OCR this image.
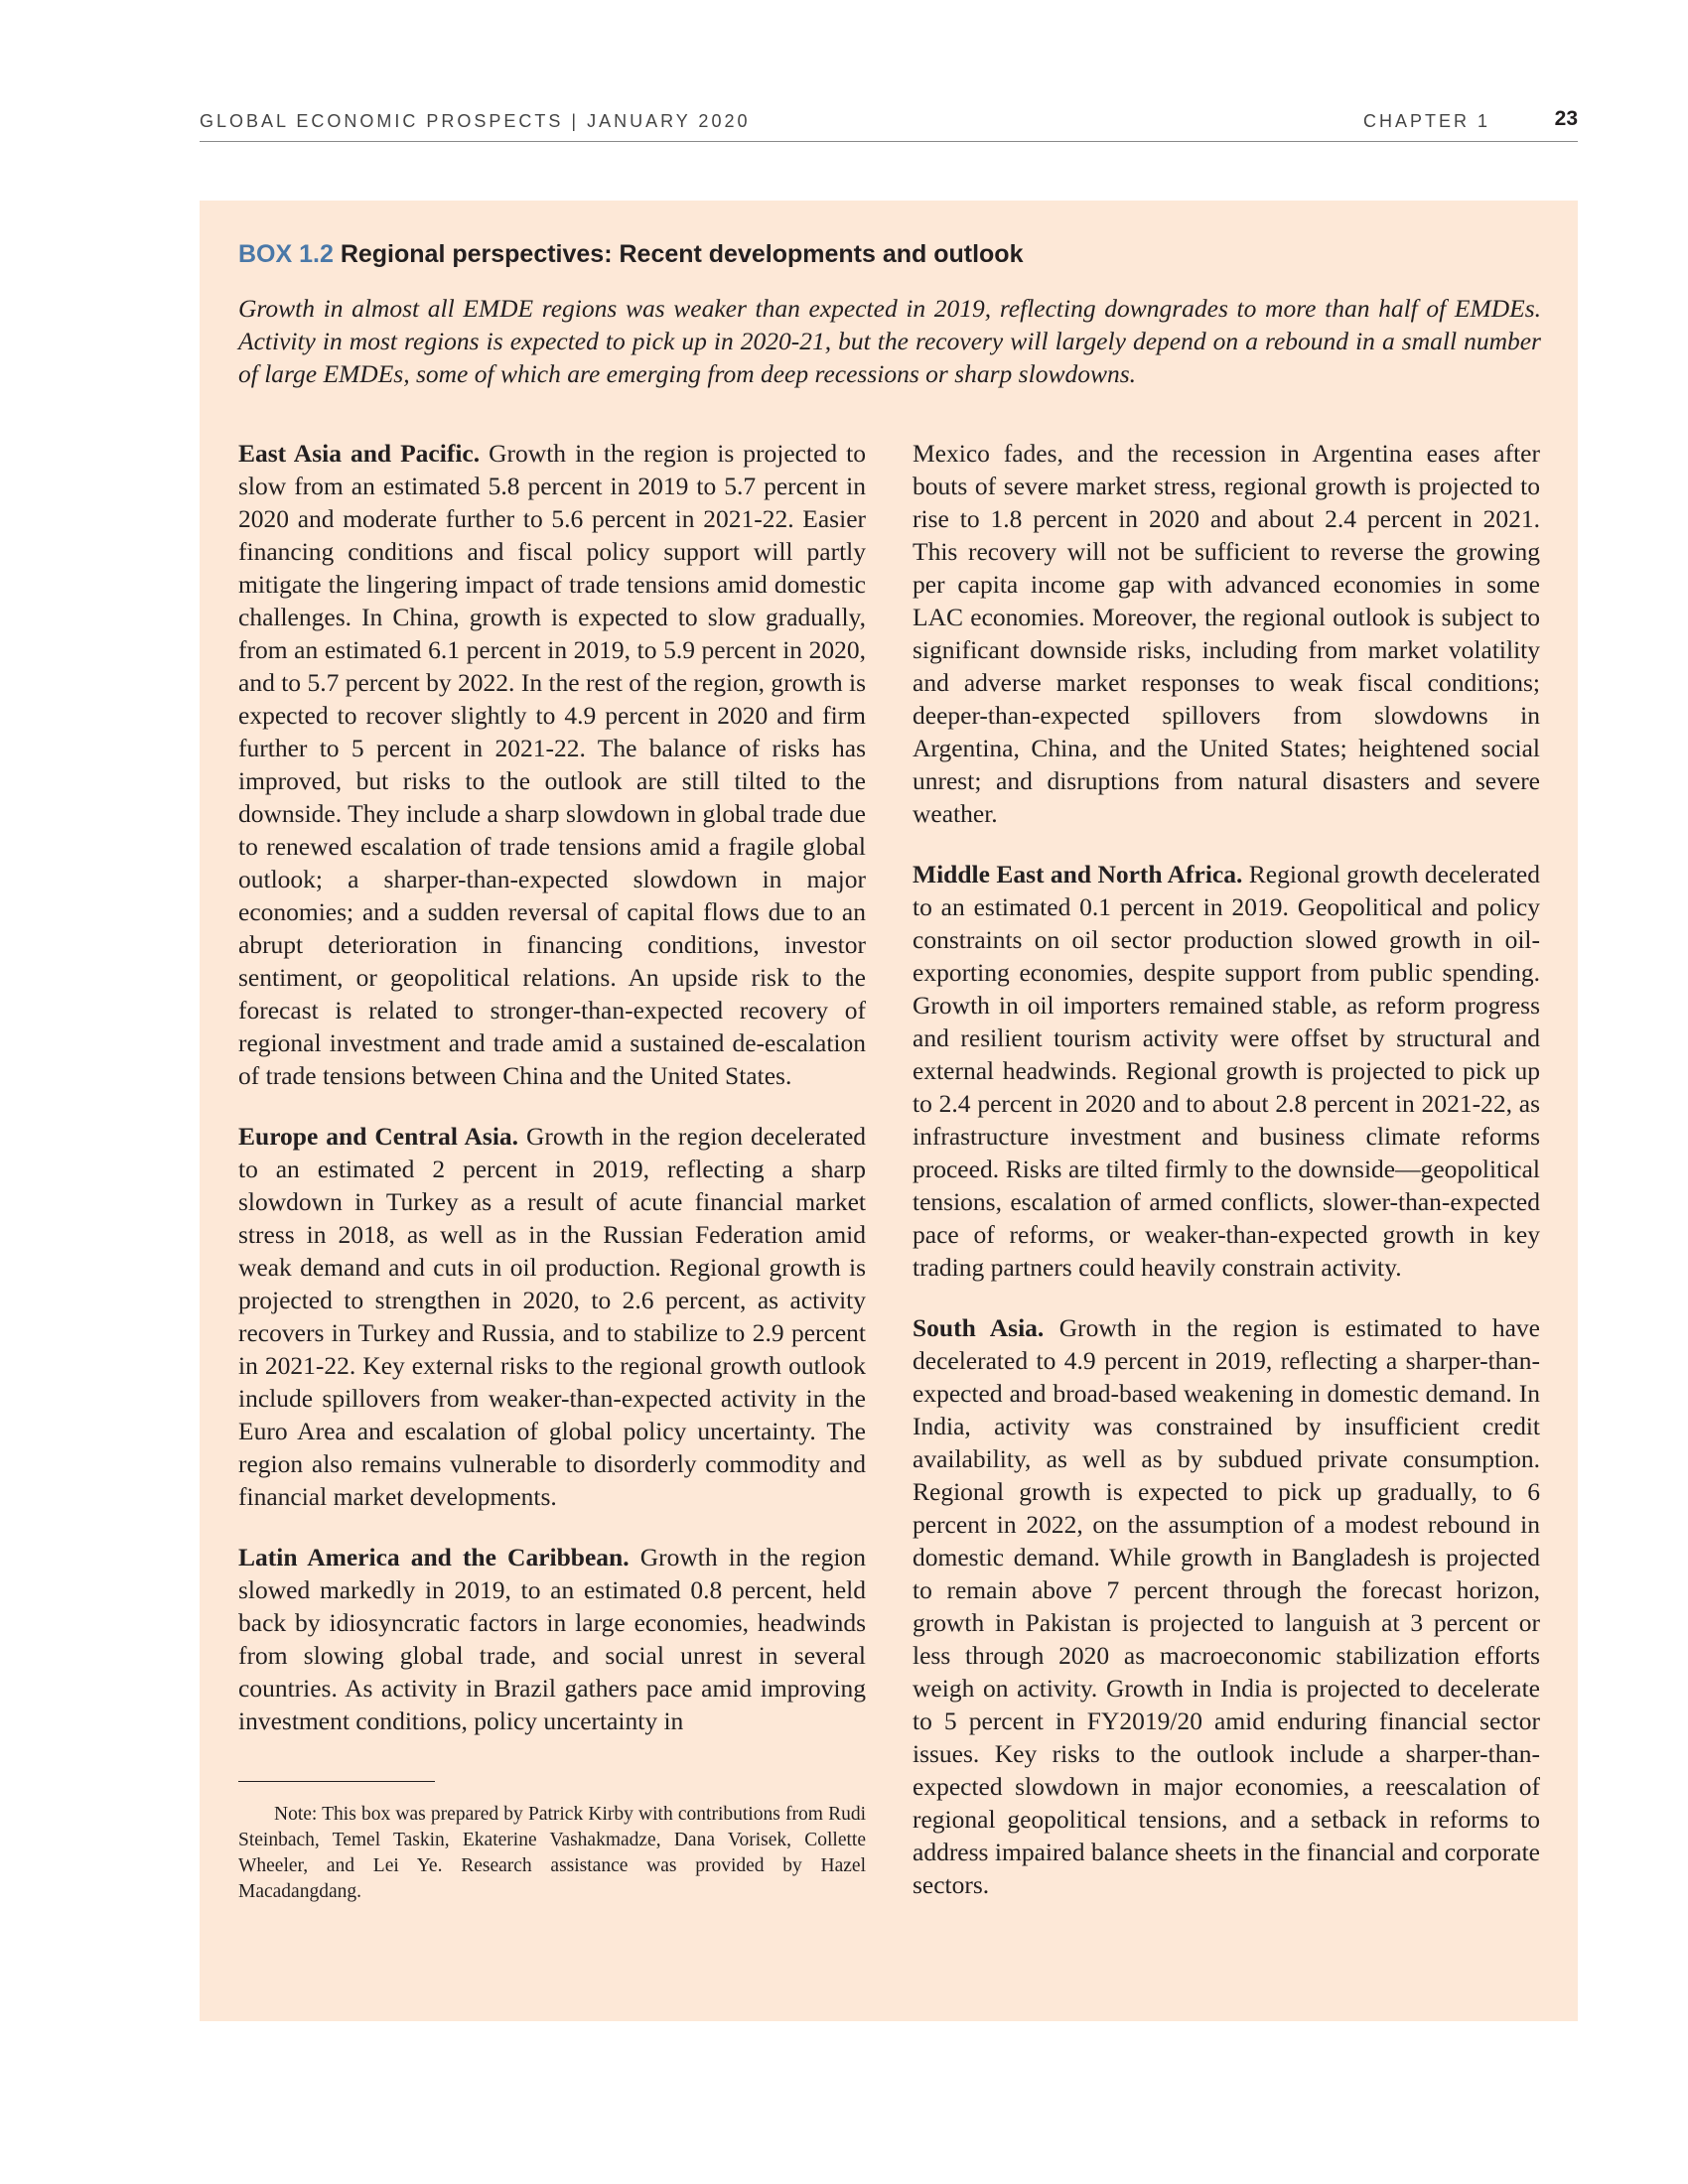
GLOBAL ECONOMIC PROSPECTS | JANUARY 2020	CHAPTER 1	23
BOX 1.2 Regional perspectives: Recent developments and outlook
Growth in almost all EMDE regions was weaker than expected in 2019, reflecting downgrades to more than half of EMDEs. Activity in most regions is expected to pick up in 2020-21, but the recovery will largely depend on a rebound in a small number of large EMDEs, some of which are emerging from deep recessions or sharp slowdowns.

East Asia and Pacific. Growth in the region is projected to slow from an estimated 5.8 percent in 2019 to 5.7 percent in 2020 and moderate further to 5.6 percent in 2021-22. Easier financing conditions and fiscal policy support will partly mitigate the lingering impact of trade tensions amid domestic challenges. In China, growth is expected to slow gradually, from an estimated 6.1 percent in 2019, to 5.9 percent in 2020, and to 5.7 percent by 2022. In the rest of the region, growth is expected to recover slightly to 4.9 percent in 2020 and firm further to 5 percent in 2021-22. The balance of risks has improved, but risks to the outlook are still tilted to the downside. They include a sharp slowdown in global trade due to renewed escalation of trade tensions amid a fragile global outlook; a sharper-than-expected slowdown in major economies; and a sudden reversal of capital flows due to an abrupt deterioration in financing conditions, investor sentiment, or geopolitical relations. An upside risk to the forecast is related to stronger-than-expected recovery of regional investment and trade amid a sustained de-escalation of trade tensions between China and the United States.

Europe and Central Asia. Growth in the region decelerated to an estimated 2 percent in 2019, reflecting a sharp slowdown in Turkey as a result of acute financial market stress in 2018, as well as in the Russian Federation amid weak demand and cuts in oil production. Regional growth is projected to strengthen in 2020, to 2.6 percent, as activity recovers in Turkey and Russia, and to stabilize to 2.9 percent in 2021-22. Key external risks to the regional growth outlook include spillovers from weaker-than-expected activity in the Euro Area and escalation of global policy uncertainty. The region also remains vulnerable to disorderly commodity and financial market developments.

Latin America and the Caribbean. Growth in the region slowed markedly in 2019, to an estimated 0.8 percent, held back by idiosyncratic factors in large economies, headwinds from slowing global trade, and social unrest in several countries. As activity in Brazil gathers pace amid improving investment conditions, policy uncertainty in

Note: This box was prepared by Patrick Kirby with contributions from Rudi Steinbach, Temel Taskin, Ekaterine Vashakmadze, Dana Vorisek, Collette Wheeler, and Lei Ye. Research assistance was provided by Hazel Macadangdang.

Mexico fades, and the recession in Argentina eases after bouts of severe market stress, regional growth is projected to rise to 1.8 percent in 2020 and about 2.4 percent in 2021. This recovery will not be sufficient to reverse the growing per capita income gap with advanced economies in some LAC economies. Moreover, the regional outlook is subject to significant downside risks, including from market volatility and adverse market responses to weak fiscal conditions; deeper-than-expected spillovers from slowdowns in Argentina, China, and the United States; heightened social unrest; and disruptions from natural disasters and severe weather.

Middle East and North Africa. Regional growth decelerated to an estimated 0.1 percent in 2019. Geopolitical and policy constraints on oil sector production slowed growth in oil-exporting economies, despite support from public spending. Growth in oil importers remained stable, as reform progress and resilient tourism activity were offset by structural and external headwinds. Regional growth is projected to pick up to 2.4 percent in 2020 and to about 2.8 percent in 2021-22, as infrastructure investment and business climate reforms proceed. Risks are tilted firmly to the downside—geopolitical tensions, escalation of armed conflicts, slower-than-expected pace of reforms, or weaker-than-expected growth in key trading partners could heavily constrain activity.

South Asia. Growth in the region is estimated to have decelerated to 4.9 percent in 2019, reflecting a sharper-than-expected and broad-based weakening in domestic demand. In India, activity was constrained by insufficient credit availability, as well as by subdued private consumption. Regional growth is expected to pick up gradually, to 6 percent in 2022, on the assumption of a modest rebound in domestic demand. While growth in Bangladesh is projected to remain above 7 percent through the forecast horizon, growth in Pakistan is projected to languish at 3 percent or less through 2020 as macroeconomic stabilization efforts weigh on activity. Growth in India is projected to decelerate to 5 percent in FY2019/20 amid enduring financial sector issues. Key risks to the outlook include a sharper-than-expected slowdown in major economies, a reescalation of regional geopolitical tensions, and a setback in reforms to address impaired balance sheets in the financial and corporate sectors.
